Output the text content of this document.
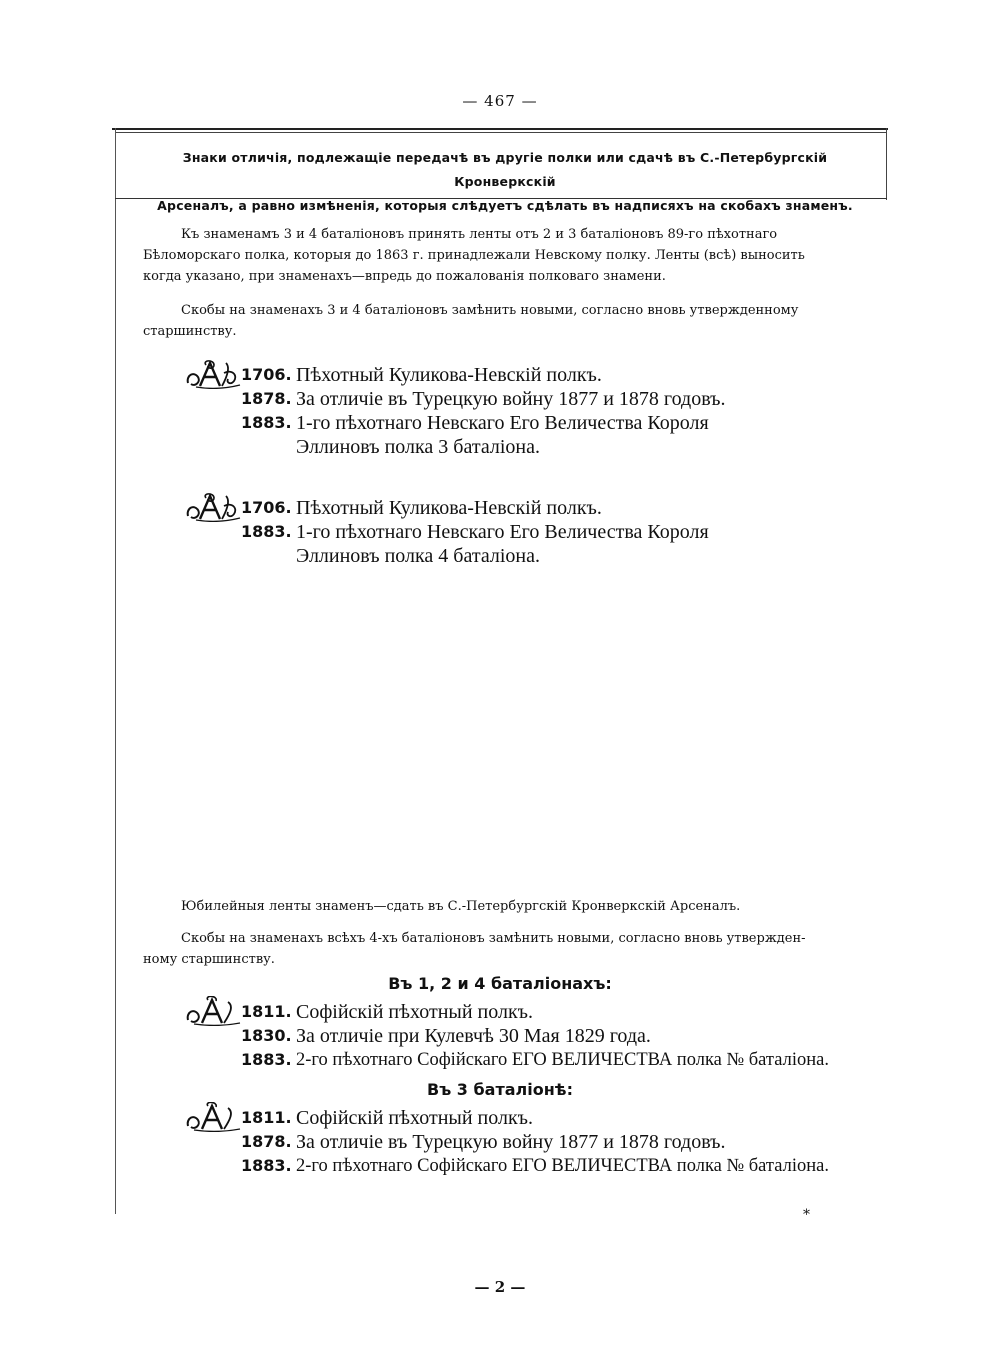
— 467 —
Знаки отличія, подлежащіе передачѣ въ другіе полки или сдачѣ въ С.-Петербургскій Кронверкскій
Арсеналъ, а равно измѣненія, которыя слѣдуетъ сдѣлать въ надписяхъ на скобахъ знаменъ.
Къ знаменамъ 3 и 4 баталіоновъ принять ленты отъ 2 и 3 баталіоновъ 89-го пѣхотнаго
Бѣломорскаго полка, которыя до 1863 г. принадлежали Невскому полку. Ленты (всѣ) выносить
когда указано, при знаменахъ—впредь до пожалованія полковаго знамени.
Скобы на знаменахъ 3 и 4 баталіоновъ замѣнить новыми, согласно вновь утвержденному
старшинству.
1706. Пѣхотный Куликова-Невскій полкъ.
1878. За отличіе въ Турецкую войну 1877 и 1878 годовъ.
1883. 1-го пѣхотнаго Невскаго Его Величества Короля
Эллиновъ полка 3 баталіона.
1706. Пѣхотный Куликова-Невскій полкъ.
1883. 1-го пѣхотнаго Невскаго Его Величества Короля
Эллиновъ полка 4 баталіона.
Юбилейныя ленты знаменъ—сдать въ С.-Петербургскій Кронверкскій Арсеналъ.
Скобы на знаменахъ всѣхъ 4-хъ баталіоновъ замѣнить новыми, согласно вновь утвержден-
ному старшинству.
Въ 1, 2 и 4 баталіонахъ:
1811. Софійскій пѣхотный полкъ.
1830. За отличіе при Кулевчѣ 30 Мая 1829 года.
1883. 2-го пѣхотнаго Софійскаго ЕГО ВЕЛИЧЕСТВА полка № баталіона.
Въ 3 баталіонѣ:
1811. Софійскій пѣхотный полкъ.
1878. За отличіе въ Турецкую войну 1877 и 1878 годовъ.
1883. 2-го пѣхотнаго Софійскаго ЕГО ВЕЛИЧЕСТВА полка № баталіона.
*
— 2 —
